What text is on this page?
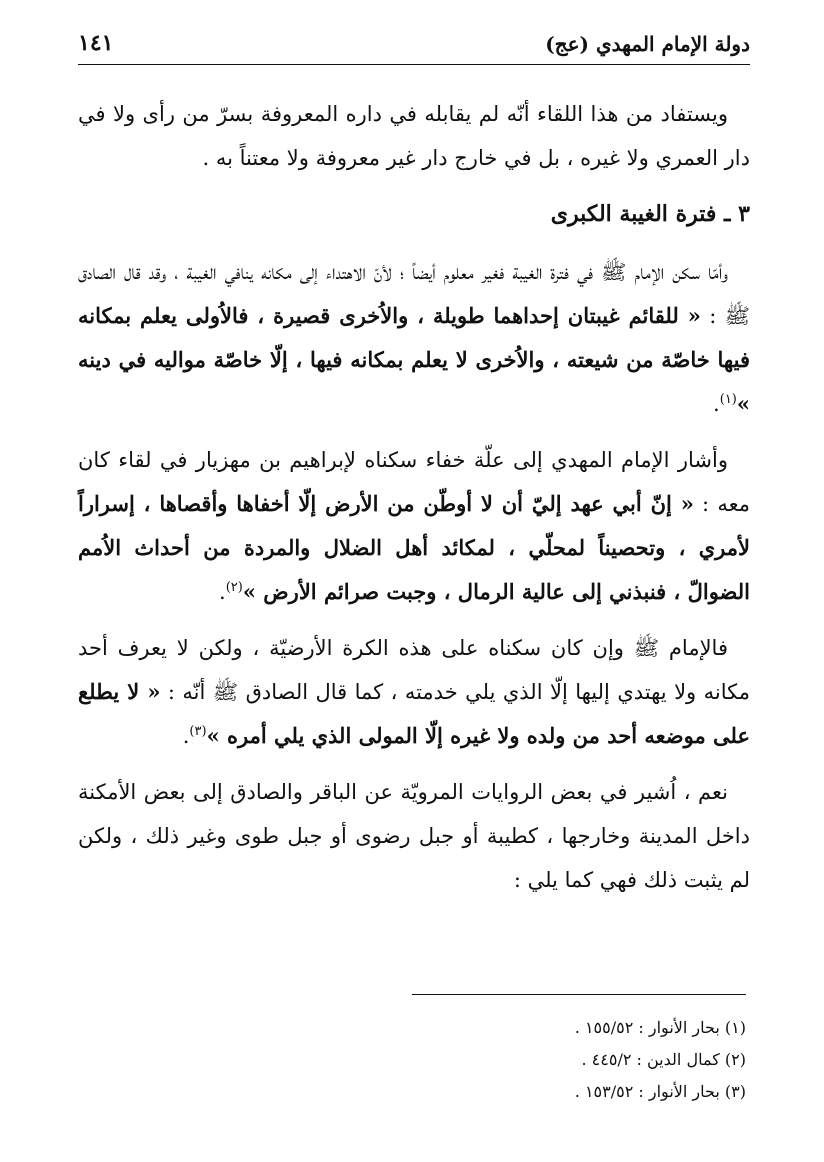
دولة الإمام المهدي (عج)
١٤١

ويستفاد من هذا اللقاء أنّه لم يقابله في داره المعروفة بسرّ من رأى ولا في دار العمري ولا غيره ، بل في خارج دار غير معروفة ولا معتناً به .

٣ ـ فترة الغيبة الكبرى

وأمّا سكن الإمام ﷺ في فترة الغيبة فغير معلوم أيضاً ؛ لأنّ الاهتداء إلى مكانه ينافي الغيبة ، وقد قال الصادق ﷺ : « للقائم غيبتان إحداهما طويلة ، والاُخرى قصيرة ، فالاُولى يعلم بمكانه فيها خاصّة من شيعته ، والاُخرى لا يعلم بمكانه فيها ، إلّا خاصّة مواليه في دينه »$^{(١)}$.

وأشار الإمام المهدي إلى علّة خفاء سكناه لإبراهيم بن مهزيار في لقاء كان معه : « إنّ أبي عهد إليّ أن لا أوطّن من الأرض إلّا أخفاها وأقصاها ، إسراراً لأمري ، وتحصيناً لمحلّي ، لمكائد أهل الضلال والمردة من أحداث الاُمم الضوالّ ، فنبذني إلى عالية الرمال ، وجبت صرائم الأرض »$^{(٢)}$.

فالإمام ﷺ وإن كان سكناه على هذه الكرة الأرضيّة ، ولكن لا يعرف أحد مكانه ولا يهتدي إليها إلّا الذي يلي خدمته ، كما قال الصادق ﷺ أنّه : « لا يطلع على موضعه أحد من ولده ولا غيره إلّا المولى الذي يلي أمره »$^{(٣)}$.

نعم ، اُشير في بعض الروايات المرويّة عن الباقر والصادق إلى بعض الأمكنة داخل المدينة وخارجها ، كطيبة أو جبل رضوى أو جبل طوى وغير ذلك ، ولكن لم يثبت ذلك فهي كما يلي :

(١) بحار الأنوار : ١٥٥/٥٢ .
(٢) كمال الدين : ٤٤٥/٢ .
(٣) بحار الأنوار : ١٥٣/٥٢ .
